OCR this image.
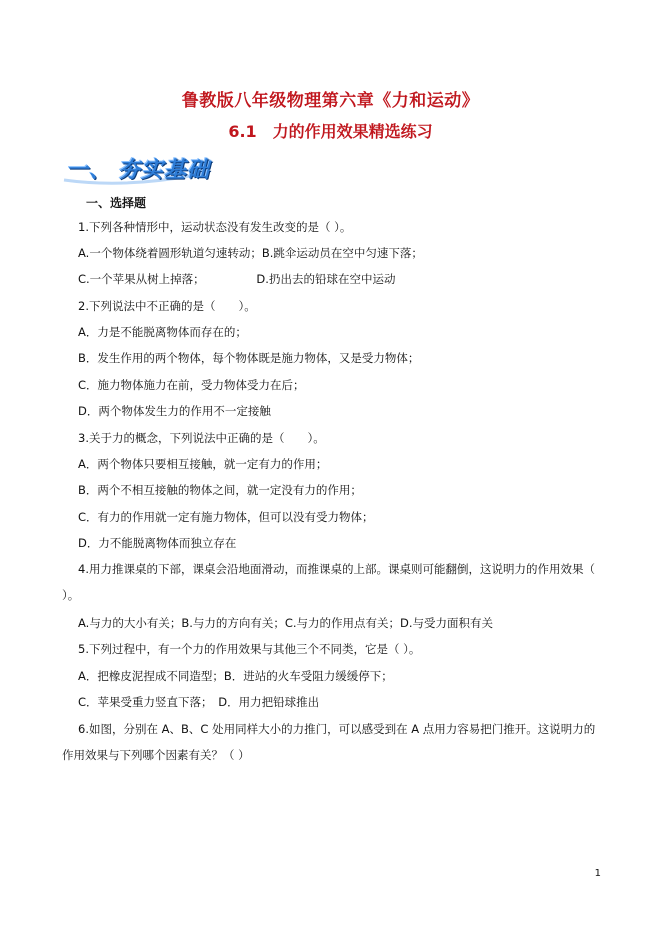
鲁教版八年级物理第六章《力和运动》
6.1　力的作用效果精选练习
一、 夯实基础
一、选择题
1.下列各种情形中，运动状态没有发生改变的是（ ）。
A.一个物体绕着圆形轨道匀速转动；B.跳伞运动员在空中匀速下落；
C.一个苹果从树上掉落；　　　　　D.扔出去的铅球在空中运动
2.下列说法中不正确的是（　　）。
A．力是不能脱离物体而存在的；
B．发生作用的两个物体，每个物体既是施力物体，又是受力物体；
C．施力物体施力在前，受力物体受力在后；
D．两个物体发生力的作用不一定接触
3.关于力的概念，下列说法中正确的是（　　）。
A．两个物体只要相互接触，就一定有力的作用；
B．两个不相互接触的物体之间，就一定没有力的作用；
C．有力的作用就一定有施力物体，但可以没有受力物体；
D．力不能脱离物体而独立存在
4.用力推课桌的下部，课桌会沿地面滑动，而推课桌的上部。课桌则可能翻倒，这说明力的作用效果（ ）。
A.与力的大小有关；B.与力的方向有关；C.与力的作用点有关；D.与受力面积有关
5.下列过程中，有一个力的作用效果与其他三个不同类，它是（ ）。
A．把橡皮泥捏成不同造型；B．进站的火车受阻力缓缓停下；
C．苹果受重力竖直下落；　D．用力把铅球推出
6.如图，分别在 A、B、C 处用同样大小的力推门，可以感受到在 A 点用力容易把门推开。这说明力的作用效果与下列哪个因素有关？（ ）
1
